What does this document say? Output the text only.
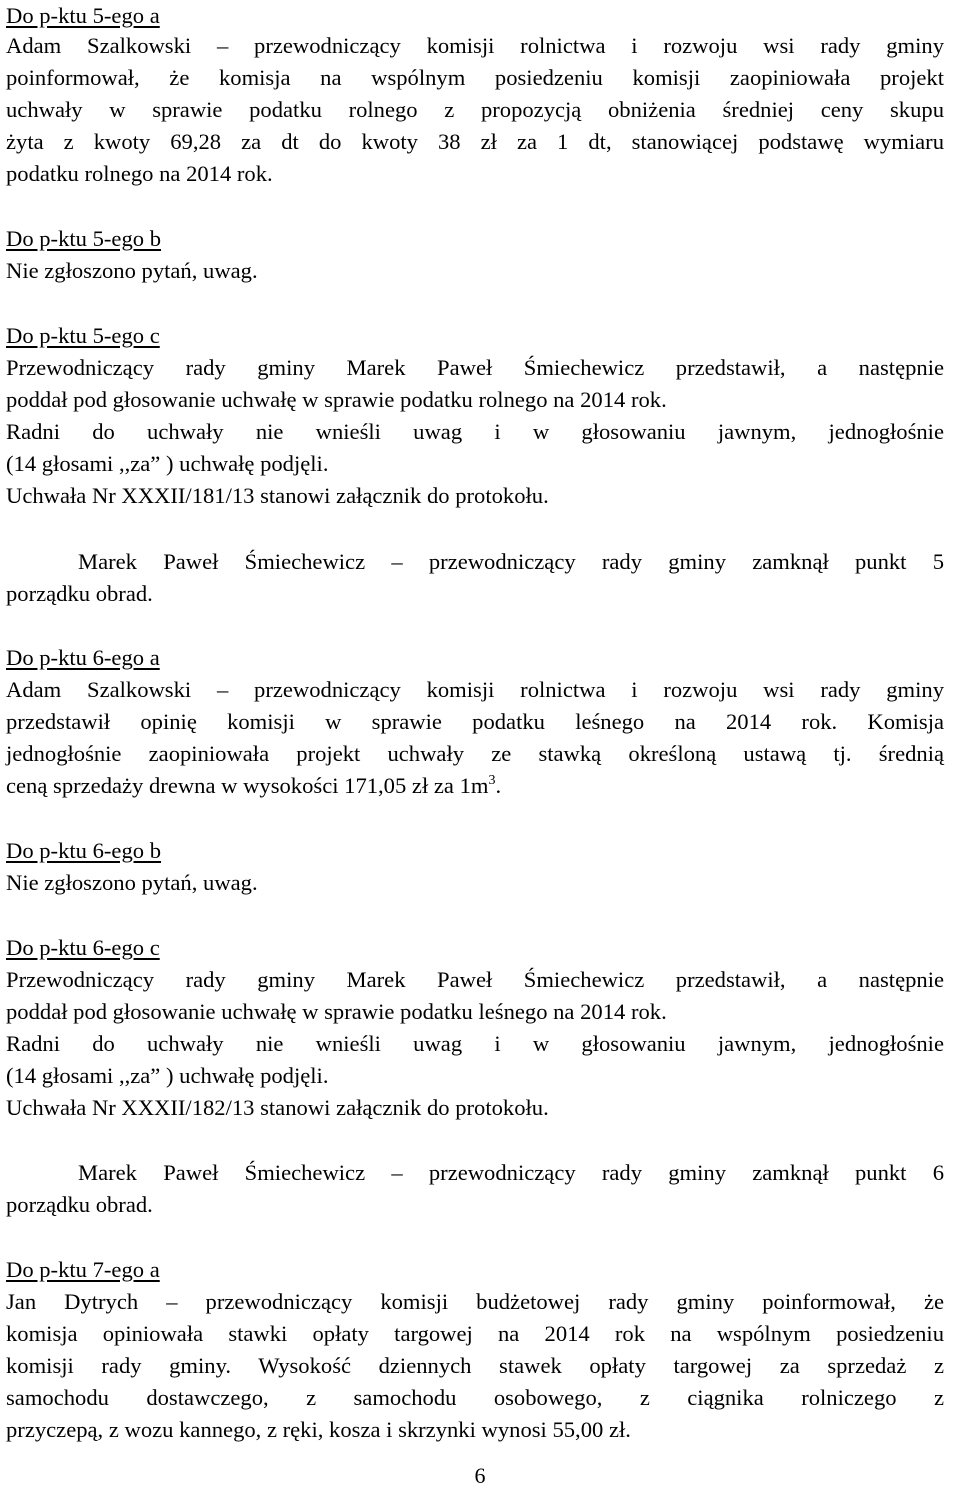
Do p-ktu 5-ego a
Adam Szalkowski – przewodniczący komisji rolnictwa i rozwoju wsi rady gminy
poinformował, że komisja na wspólnym posiedzeniu komisji zaopiniowała projekt
uchwały w sprawie podatku rolnego z propozycją obniżenia średniej ceny skupu
żyta z kwoty 69,28 za dt do kwoty 38 zł za 1 dt, stanowiącej podstawę wymiaru
podatku rolnego na 2014 rok.
Do p-ktu 5-ego b
Nie zgłoszono pytań, uwag.
Do p-ktu 5-ego c
Przewodniczący rady gminy Marek Paweł Śmiechewicz przedstawił, a następnie
poddał pod głosowanie uchwałę w sprawie podatku rolnego na 2014 rok.
Radni do uchwały nie wnieśli uwag i w głosowaniu jawnym, jednogłośnie
(14 głosami ,,za” ) uchwałę podjęli.
Uchwała Nr XXXII/181/13 stanowi załącznik do protokołu.
Marek Paweł Śmiechewicz – przewodniczący rady gminy zamknął punkt 5
porządku obrad.
Do p-ktu 6-ego a
Adam Szalkowski – przewodniczący komisji rolnictwa i rozwoju wsi rady gminy
przedstawił opinię komisji w sprawie podatku leśnego na 2014 rok. Komisja
jednogłośnie zaopiniowała projekt uchwały ze stawką określoną ustawą tj. średnią
ceną sprzedaży drewna w wysokości 171,05 zł za $1m^3$.
Do p-ktu 6-ego b
Nie zgłoszono pytań, uwag.
Do p-ktu 6-ego c
Przewodniczący rady gminy Marek Paweł Śmiechewicz przedstawił, a następnie
poddał pod głosowanie uchwałę w sprawie podatku leśnego na 2014 rok.
Radni do uchwały nie wnieśli uwag i w głosowaniu jawnym, jednogłośnie
(14 głosami ,,za” ) uchwałę podjęli.
Uchwała Nr XXXII/182/13 stanowi załącznik do protokołu.
Marek Paweł Śmiechewicz – przewodniczący rady gminy zamknął punkt 6
porządku obrad.
Do p-ktu 7-ego a
Jan Dytrych – przewodniczący komisji budżetowej rady gminy poinformował, że
komisja opiniowała stawki opłaty targowej na 2014 rok na wspólnym posiedzeniu
komisji rady gminy. Wysokość dziennych stawek opłaty targowej za sprzedaż z
samochodu dostawczego, z samochodu osobowego, z ciągnika rolniczego z
przyczepą, z wozu kannego, z ręki, kosza i skrzynki wynosi 55,00 zł.
6
